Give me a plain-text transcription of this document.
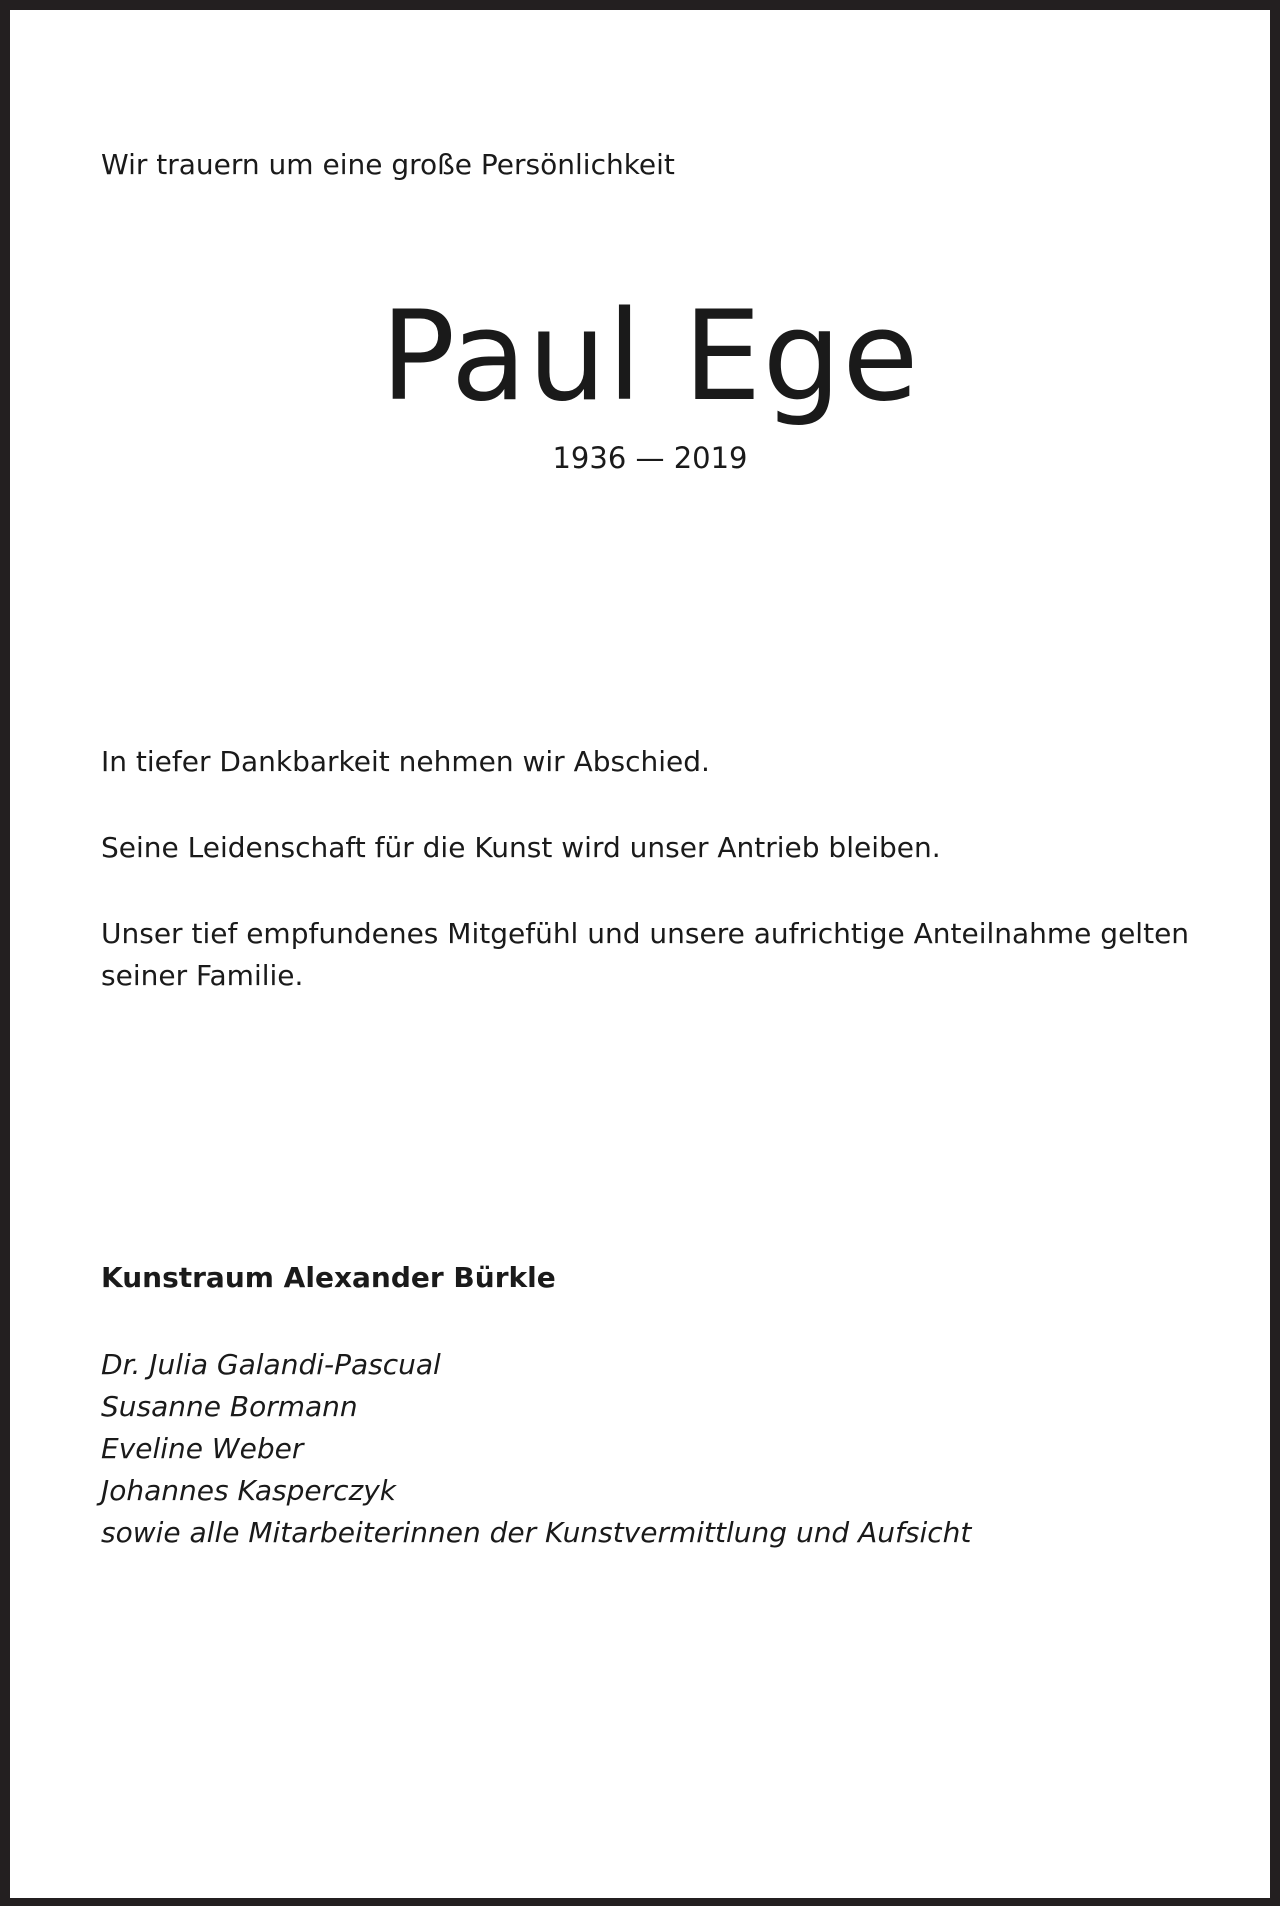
Wir trauern um eine große Persönlichkeit
Paul Ege
1936 — 2019

In tiefer Dankbarkeit nehmen wir Abschied.

Seine Leidenschaft für die Kunst wird unser Antrieb bleiben.

Unser tief empfundenes Mitgefühl und unsere aufrichtige Anteilnahme gelten seiner Familie.

Kunstraum Alexander Bürkle
Dr. Julia Galandi-Pascual
Susanne Bormann
Eveline Weber
Johannes Kasperczyk
sowie alle Mitarbeiterinnen der Kunstvermittlung und Aufsicht
